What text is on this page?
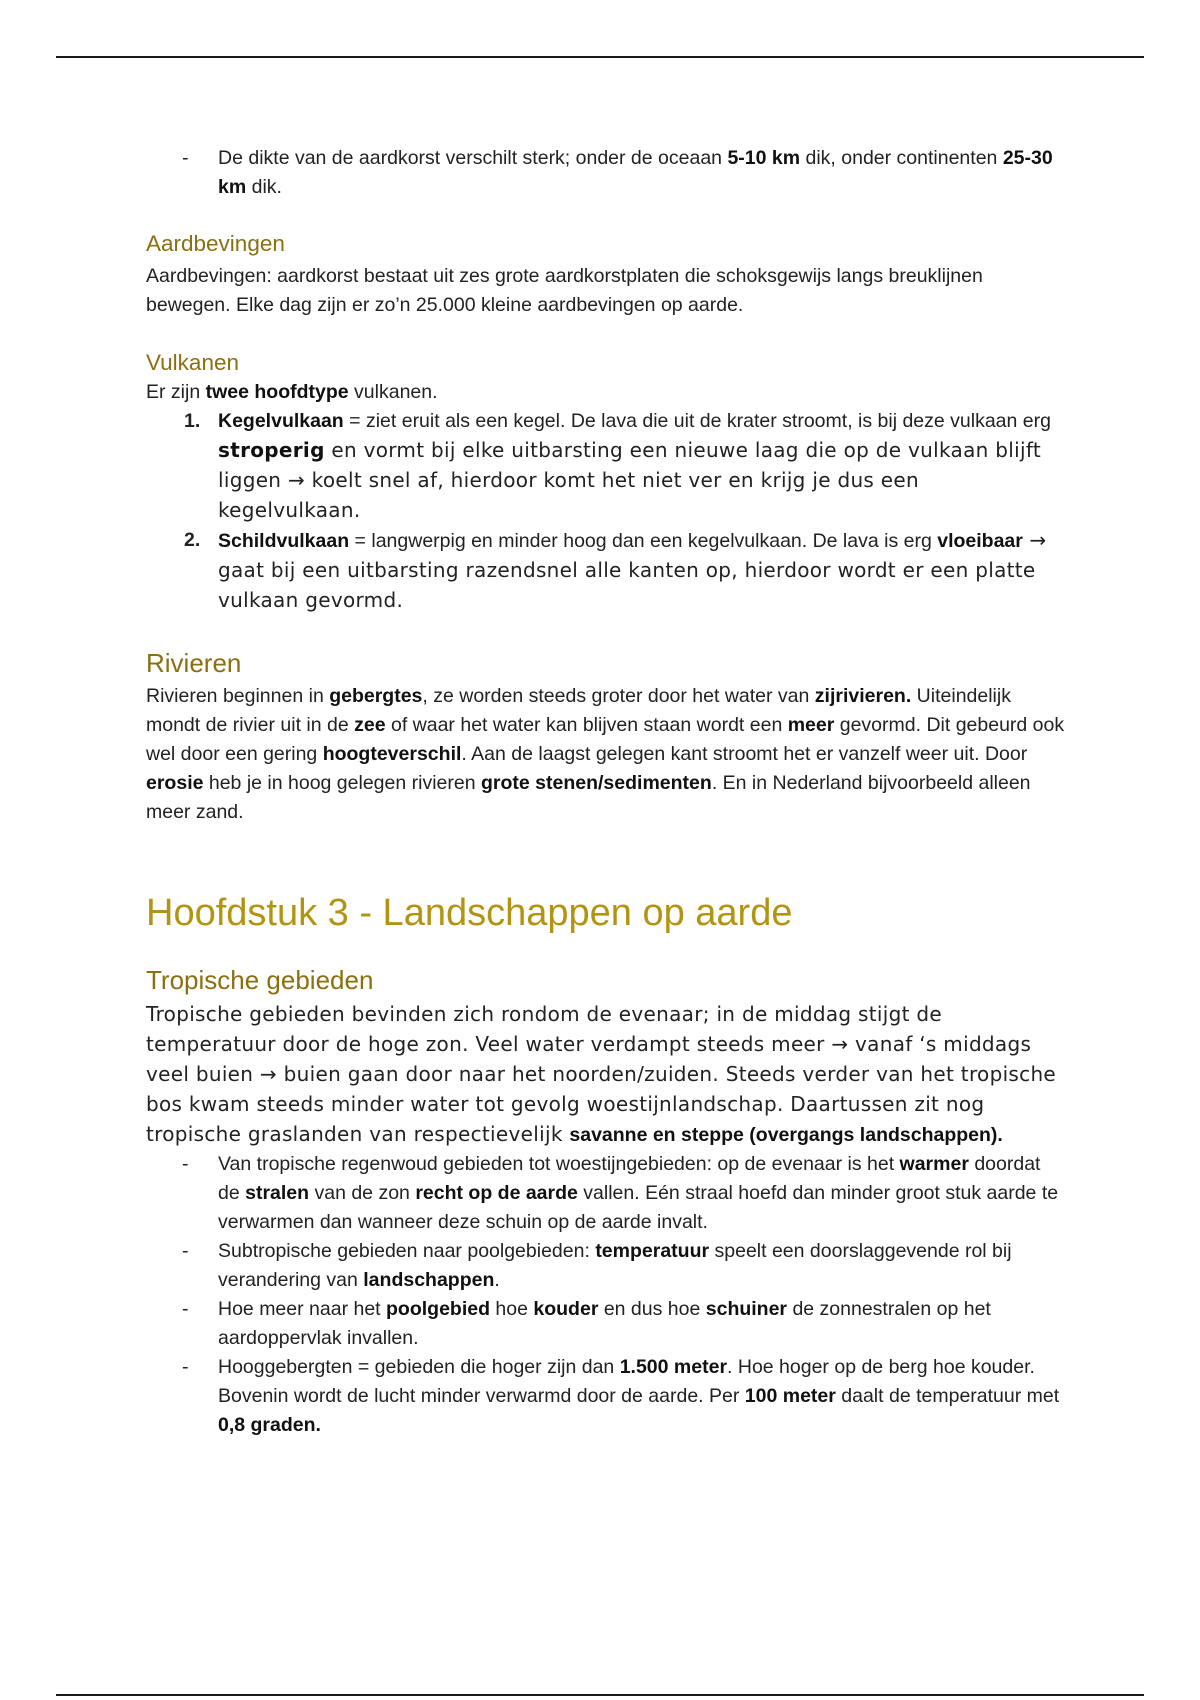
-	De dikte van de aardkorst verschilt sterk; onder de oceaan 5-10 km dik, onder continenten 25-30 km dik.
Aardbevingen
Aardbevingen: aardkorst bestaat uit zes grote aardkorstplaten die schoksgewijs langs breuklijnen bewegen. Elke dag zijn er zo’n 25.000 kleine aardbevingen op aarde.
Vulkanen
Er zijn twee hoofdtype vulkanen.
1. Kegelvulkaan = ziet eruit als een kegel. De lava die uit de krater stroomt, is bij deze vulkaan erg stroperig en vormt bij elke uitbarsting een nieuwe laag die op de vulkaan blijft liggen → koelt snel af, hierdoor komt het niet ver en krijg je dus een kegelvulkaan.
2. Schildvulkaan = langwerpig en minder hoog dan een kegelvulkaan. De lava is erg vloeibaar → gaat bij een uitbarsting razendsnel alle kanten op, hierdoor wordt er een platte vulkaan gevormd.
Rivieren
Rivieren beginnen in gebergtes, ze worden steeds groter door het water van zijrivieren. Uiteindelijk mondt de rivier uit in de zee of waar het water kan blijven staan wordt een meer gevormd. Dit gebeurd ook wel door een gering hoogteverschil. Aan de laagst gelegen kant stroomt het er vanzelf weer uit. Door erosie heb je in hoog gelegen rivieren grote stenen/sedimenten. En in Nederland bijvoorbeeld alleen meer zand.
Hoofdstuk 3 - Landschappen op aarde
Tropische gebieden
Tropische gebieden bevinden zich rondom de evenaar; in de middag stijgt de temperatuur door de hoge zon. Veel water verdampt steeds meer → vanaf ‘s middags veel buien → buien gaan door naar het noorden/zuiden. Steeds verder van het tropische bos kwam steeds minder water tot gevolg woestijnlandschap. Daartussen zit nog tropische graslanden van respectievelijk savanne en steppe (overgangs landschappen).
-	Van tropische regenwoud gebieden tot woestijngebieden: op de evenaar is het warmer doordat de stralen van de zon recht op de aarde vallen. Eén straal hoefd dan minder groot stuk aarde te verwarmen dan wanneer deze schuin op de aarde invalt.
-	Subtropische gebieden naar poolgebieden: temperatuur speelt een doorslaggevende rol bij verandering van landschappen.
-	Hoe meer naar het poolgebied hoe kouder en dus hoe schuiner de zonnestralen op het aardoppervlak invallen.
-	Hooggebergten = gebieden die hoger zijn dan 1.500 meter. Hoe hoger op de berg hoe kouder. Bovenin wordt de lucht minder verwarmd door de aarde. Per 100 meter daalt de temperatuur met 0,8 graden.
